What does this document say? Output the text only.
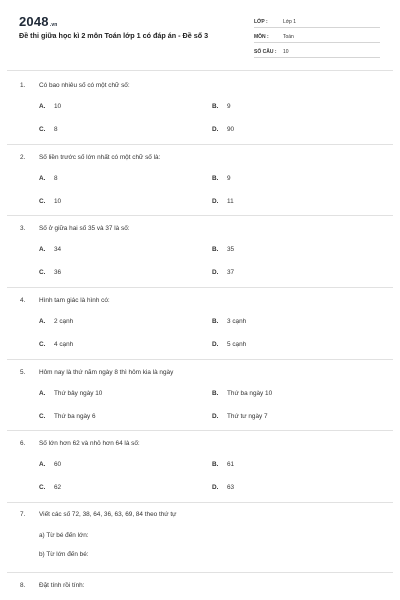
2048.vn
Đề thi giữa học kì 2 môn Toán lớp 1 có đáp án - Đề số 3
LỚP :	Lớp 1
MÔN :	Toán
SỐ CÂU : 10
1. Có bao nhiêu số có một chữ số:
A. 10	B. 9
C. 8	D. 90
2. Số liền trước số lớn nhất có một chữ số là:
A. 8	B. 9
C. 10	D. 11
3. Số ở giữa hai số 35 và 37 là số:
A. 34	B. 35
C. 36	D. 37
4. Hình tam giác là hình có:
A. 2 cạnh	B. 3 cạnh
C. 4 cạnh	D. 5 cạnh
5. Hôm nay là thứ năm ngày 8 thì hôm kia là ngày
A. Thứ bảy ngày 10	B. Thứ ba ngày 10
C. Thứ ba ngày 6	D. Thứ tư ngày 7
6. Số lớn hơn 62 và nhỏ hơn 64 là số:
A. 60	B. 61
C. 62	D. 63
7. Viết các số 72, 38, 64, 36, 63, 69, 84 theo thứ tự
a) Từ bé đến lớn:
b) Từ lớn đến bé:
8. Đặt tính rồi tính:
